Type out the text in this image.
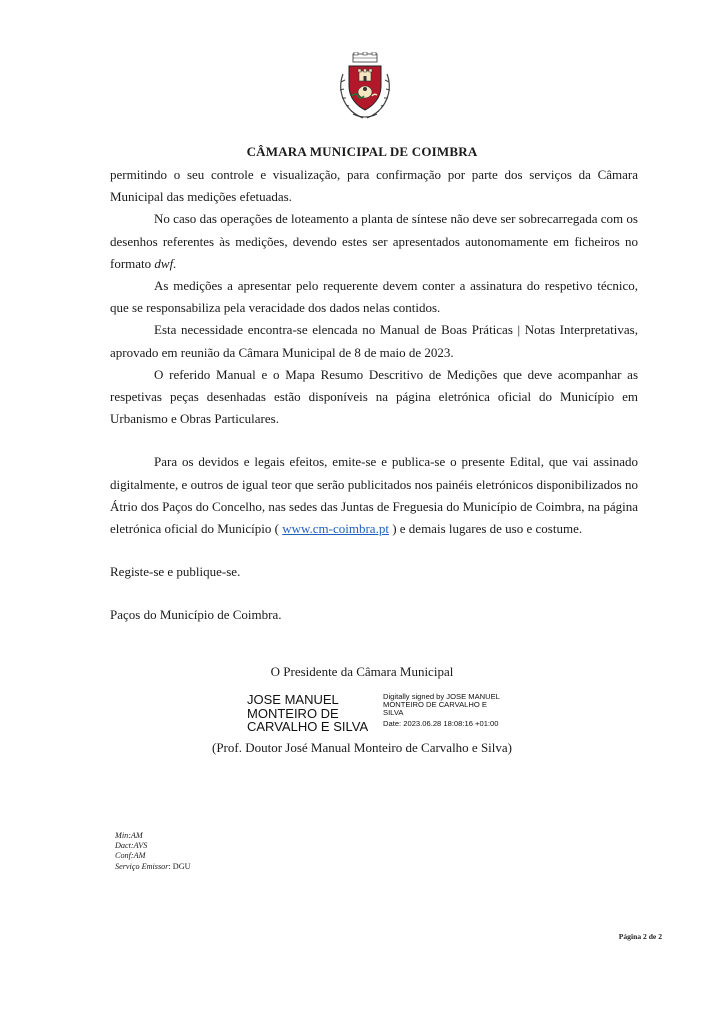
CÂMARA MUNICIPAL DE COIMBRA

permitindo o seu controle e visualização, para confirmação por parte dos serviços da Câmara Municipal das medições efetuadas.

No caso das operações de loteamento a planta de síntese não deve ser sobrecarregada com os desenhos referentes às medições, devendo estes ser apresentados autonomamente em ficheiros no formato dwf.

As medições a apresentar pelo requerente devem conter a assinatura do respetivo técnico, que se responsabiliza pela veracidade dos dados nelas contidos.

Esta necessidade encontra-se elencada no Manual de Boas Práticas | Notas Interpretativas, aprovado em reunião da Câmara Municipal de 8 de maio de 2023.

O referido Manual e o Mapa Resumo Descritivo de Medições que deve acompanhar as respetivas peças desenhadas estão disponíveis na página eletrónica oficial do Município em Urbanismo e Obras Particulares.

Para os devidos e legais efeitos, emite-se e publica-se o presente Edital, que vai assinado digitalmente, e outros de igual teor que serão publicitados nos painéis eletrónicos disponibilizados no Átrio dos Paços do Concelho, nas sedes das Juntas de Freguesia do Município de Coimbra, na página eletrónica oficial do Município ( www.cm-coimbra.pt ) e demais lugares de uso e costume.

Registe-se e publique-se.

Paços do Município de Coimbra.

O Presidente da Câmara Municipal
JOSE MANUEL
MONTEIRO DE
CARVALHO E SILVA
Digitally signed by JOSE MANUEL
MONTEIRO DE CARVALHO E
SILVA
Date: 2023.06.28 18:08:16 +01:00
(Prof. Doutor José Manual Monteiro de Carvalho e Silva)
Min:AM
Dact:AVS
Conf:AM
Serviço Emissor: DGU
Página 2 de 2
